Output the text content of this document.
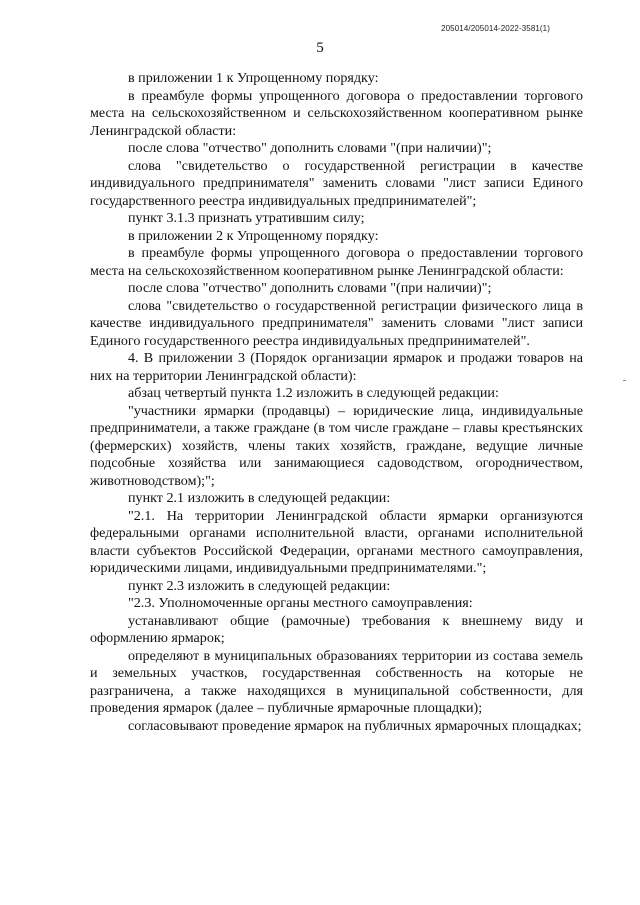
205014/205014-2022-3581(1)
5

в приложении 1 к Упрощенному порядку:

в преамбуле формы упрощенного договора о предоставлении торгового места на сельскохозяйственном и сельскохозяйственном кооперативном рынке Ленинградской области:

после слова "отчество" дополнить словами "(при наличии)";

слова "свидетельство о государственной регистрации в качестве индивидуального предпринимателя" заменить словами "лист записи Единого государственного реестра индивидуальных предпринимателей";

пункт 3.1.3 признать утратившим силу;

в приложении 2 к Упрощенному порядку:

в преамбуле формы упрощенного договора о предоставлении торгового места на сельскохозяйственном кооперативном рынке Ленинградской области:

после слова "отчество" дополнить словами "(при наличии)";

слова "свидетельство о государственной регистрации физического лица в качестве индивидуального предпринимателя" заменить словами "лист записи Единого государственного реестра индивидуальных предпринимателей".

4. В приложении 3 (Порядок организации ярмарок и продажи товаров на них на территории Ленинградской области):

абзац четвертый пункта 1.2 изложить в следующей редакции:

"участники ярмарки (продавцы) – юридические лица, индивидуальные предприниматели, а также граждане (в том числе граждане – главы крестьянских (фермерских) хозяйств, члены таких хозяйств, граждане, ведущие личные подсобные хозяйства или занимающиеся садоводством, огородничеством, животноводством);";

пункт 2.1 изложить в следующей редакции:

"2.1. На территории Ленинградской области ярмарки организуются федеральными органами исполнительной власти, органами исполнительной власти субъектов Российской Федерации, органами местного самоуправления, юридическими лицами, индивидуальными предпринимателями.";

пункт 2.3 изложить в следующей редакции:

"2.3. Уполномоченные органы местного самоуправления:

устанавливают общие (рамочные) требования к внешнему виду и оформлению ярмарок;

определяют в муниципальных образованиях территории из состава земель и земельных участков, государственная собственность на которые не разграничена, а также находящихся в муниципальной собственности, для проведения ярмарок (далее – публичные ярмарочные площадки);

согласовывают проведение ярмарок на публичных ярмарочных площадках;
